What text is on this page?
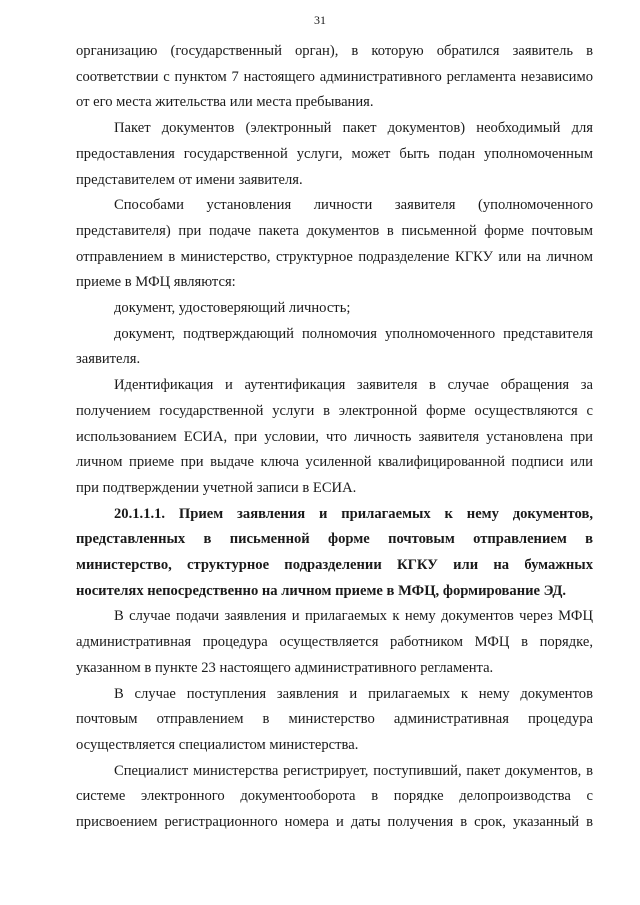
31

организацию (государственный орган), в которую обратился заявитель в соответствии с пунктом 7 настоящего административного регламента независимо от его места жительства или места пребывания.

Пакет документов (электронный пакет документов) необходимый для предоставления государственной услуги, может быть подан уполномоченным представителем от имени заявителя.

Способами установления личности заявителя (уполномоченного представителя) при подаче пакета документов в письменной форме почтовым отправлением в министерство, структурное подразделение КГКУ или на личном приеме в МФЦ являются:

документ, удостоверяющий личность;

документ, подтверждающий полномочия уполномоченного представителя заявителя.

Идентификация и аутентификация заявителя в случае обращения за получением государственной услуги в электронной форме осуществляются с использованием ЕСИА, при условии, что личность заявителя установлена при личном приеме при выдаче ключа усиленной квалифицированной подписи или при подтверждении учетной записи в ЕСИА.

20.1.1.1. Прием заявления и прилагаемых к нему документов, представленных в письменной форме почтовым отправлением в министерство, структурное подразделении КГКУ или на бумажных носителях непосредственно на личном приеме в МФЦ, формирование ЭД.

В случае подачи заявления и прилагаемых к нему документов через МФЦ административная процедура осуществляется работником МФЦ в порядке, указанном в пункте 23 настоящего административного регламента.

В случае поступления заявления и прилагаемых к нему документов почтовым отправлением в министерство административная процедура осуществляется специалистом министерства.

Специалист министерства регистрирует, поступивший, пакет документов, в системе электронного документооборота в порядке делопроизводства с присвоением регистрационного номера и даты получения в срок, указанный в
